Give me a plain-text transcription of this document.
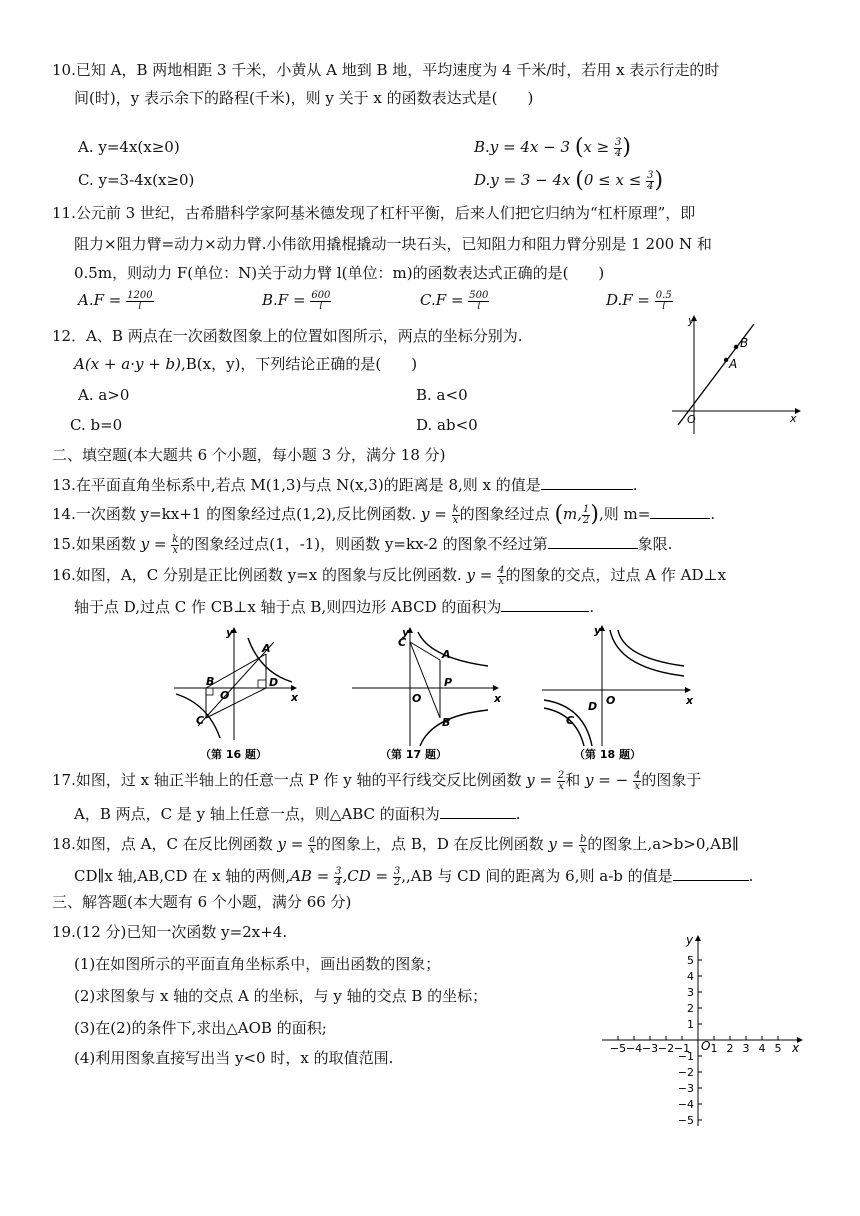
10.已知 A，B 两地相距 3 千米，小黄从 A 地到 B 地，平均速度为 4 千米/时，若用 x 表示行走的时
间(时)，y 表示余下的路程(千米)，则 y 关于 x 的函数表达式是(　　)
A. y=4x(x≥0)	B.y = 4x − 3 ($x \ge \frac{3}{4}$ )
C. y=3-4x(x≥0)	D.y = 3 − 4x ($0 \le x \le \frac{3}{4}$ )
11.公元前 3 世纪，古希腊科学家阿基米德发现了杠杆平衡，后来人们把它归纳为“杠杆原理”，即
阻力×阻力臂=动力×动力臂.小伟欲用撬棍撬动一块石头，已知阻力和阻力臂分别是 1 200 N 和
0.5m，则动力 F(单位：N)关于动力臂 l(单位：m)的函数表达式正确的是(　　)
$A.F = \frac{1200}{l}$	$B.F = \frac{600}{l}$	$C.F = \frac{500}{l}$	$D.F = \frac{0.5}{l}$
12．A、B 两点在一次函数图象上的位置如图所示，两点的坐标分别为.
A(x + a·y + b),B(x，y)，下列结论正确的是(　　)
A. a>0	B. a<0
C. b=0	D. ab<0
B
A
O	x
y
二、填空题(本大题共 6 个小题，每小题 3 分，满分 18 分)
13.在平面直角坐标系中,若点 M(1,3)与点 N(x,3)的距离是 8,则 x 的值是	.
14.一次函数 y=kx+1 的图象经过点(1,2),反比例函数. $y = \frac{k}{x}$ 的图象经过点 (m, $\frac{1}{2}$ ),则 m=	.
15.如果函数 $y = \frac{k}{x}$ 的图象经过点(1，-1)，则函数 y=kx-2 的图象不经过第	象限.
16.如图，A，C 分别是正比例函数 y=x 的图象与反比例函数. $y = \frac{4}{x}$ 的图象的交点，过点 A 作 AD⊥x
轴于点 D,过点 C 作 CB⊥x 轴于点 B,则四边形 ABCD 的面积为	.
A
B
C
D
O	x
y
（第 16 题）
C
A
P
B
O	x
y
（第 17 题）
C
D O	x
y
（第 18 题）
17.如图，过 x 轴正半轴上的任意一点 P 作 y 轴的平行线交反比例函数 $y = \frac{2}{x}$ 和 y = − $\frac{4}{x}$ 的图象于
A，B 两点，C 是 y 轴上任意一点，则△ABC 的面积为	.
18.如图，点 A，C 在反比例函数 $y = \frac{a}{x}$ 的图象上，点 B，D 在反比例函数 $y = \frac{b}{x}$ 的图象上,a>b>0,AB∥
CD∥x 轴,AB,CD 在 x 轴的两侧$,AB = \frac{3}{4} ,CD = \frac{3}{2} ,,AB$ 与 CD 间的距离为 6,则 a-b 的值是	.
三、解答题(本大题有 6 个小题，满分 66 分)
19.(12 分)已知一次函数 y=2x+4.
(1)在如图所示的平面直角坐标系中，画出函数的图象；
(2)求图象与 x 轴的交点 A 的坐标，与 y 轴的交点 B 的坐标；
(3)在(2)的条件下,求出△AOB 的面积;
(4)利用图象直接写出当 y<0 时，x 的取值范围.
−5 −4 −3 −2 −1 1 2 3 4 5
5
4
3
2
1
−1
−2
−3
−4
−5
O	x
y
